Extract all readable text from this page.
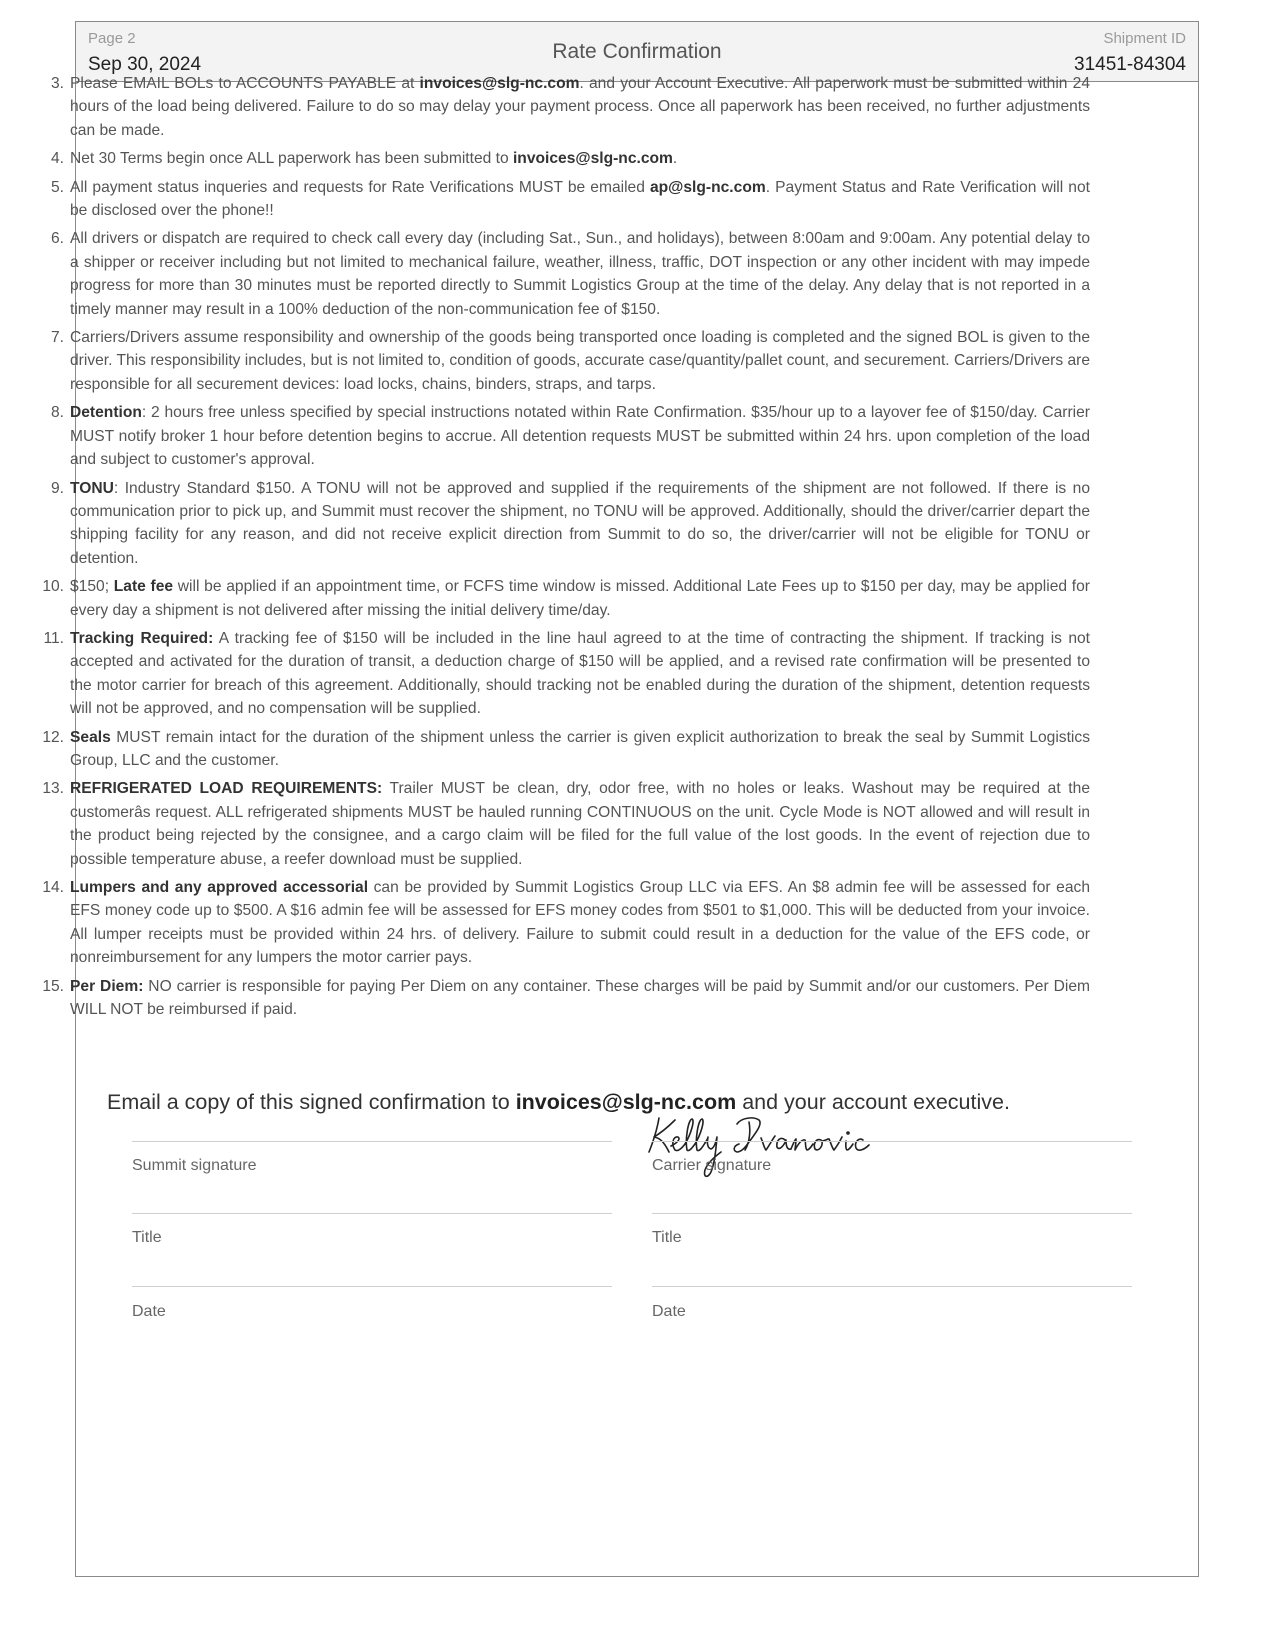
Page 2
Sep 30, 2024
Rate Confirmation
Shipment ID
31451-84304
3. Please EMAIL BOLs to ACCOUNTS PAYABLE at invoices@slg-nc.com. and your Account Executive. All paperwork must be submitted within 24 hours of the load being delivered. Failure to do so may delay your payment process. Once all paperwork has been received, no further adjustments can be made.
4. Net 30 Terms begin once ALL paperwork has been submitted to invoices@slg-nc.com.
5. All payment status inqueries and requests for Rate Verifications MUST be emailed ap@slg-nc.com. Payment Status and Rate Verification will not be disclosed over the phone!!
6. All drivers or dispatch are required to check call every day (including Sat., Sun., and holidays), between 8:00am and 9:00am. Any potential delay to a shipper or receiver including but not limited to mechanical failure, weather, illness, traffic, DOT inspection or any other incident with may impede progress for more than 30 minutes must be reported directly to Summit Logistics Group at the time of the delay. Any delay that is not reported in a timely manner may result in a 100% deduction of the non-communication fee of $150.
7. Carriers/Drivers assume responsibility and ownership of the goods being transported once loading is completed and the signed BOL is given to the driver. This responsibility includes, but is not limited to, condition of goods, accurate case/quantity/pallet count, and securement. Carriers/Drivers are responsible for all securement devices: load locks, chains, binders, straps, and tarps.
8. Detention: 2 hours free unless specified by special instructions notated within Rate Confirmation. $35/hour up to a layover fee of $150/day. Carrier MUST notify broker 1 hour before detention begins to accrue. All detention requests MUST be submitted within 24 hrs. upon completion of the load and subject to customer's approval.
9. TONU: Industry Standard $150. A TONU will not be approved and supplied if the requirements of the shipment are not followed. If there is no communication prior to pick up, and Summit must recover the shipment, no TONU will be approved. Additionally, should the driver/carrier depart the shipping facility for any reason, and did not receive explicit direction from Summit to do so, the driver/carrier will not be eligible for TONU or detention.
10. $150; Late fee will be applied if an appointment time, or FCFS time window is missed. Additional Late Fees up to $150 per day, may be applied for every day a shipment is not delivered after missing the initial delivery time/day.
11. Tracking Required: A tracking fee of $150 will be included in the line haul agreed to at the time of contracting the shipment. If tracking is not accepted and activated for the duration of transit, a deduction charge of $150 will be applied, and a revised rate confirmation will be presented to the motor carrier for breach of this agreement. Additionally, should tracking not be enabled during the duration of the shipment, detention requests will not be approved, and no compensation will be supplied.
12. Seals MUST remain intact for the duration of the shipment unless the carrier is given explicit authorization to break the seal by Summit Logistics Group, LLC and the customer.
13. REFRIGERATED LOAD REQUIREMENTS: Trailer MUST be clean, dry, odor free, with no holes or leaks. Washout may be required at the customerâs request. ALL refrigerated shipments MUST be hauled running CONTINUOUS on the unit. Cycle Mode is NOT allowed and will result in the product being rejected by the consignee, and a cargo claim will be filed for the full value of the lost goods. In the event of rejection due to possible temperature abuse, a reefer download must be supplied.
14. Lumpers and any approved accessorial can be provided by Summit Logistics Group LLC via EFS. An $8 admin fee will be assessed for each EFS money code up to $500. A $16 admin fee will be assessed for EFS money codes from $501 to $1,000. This will be deducted from your invoice. All lumper receipts must be provided within 24 hrs. of delivery. Failure to submit could result in a deduction for the value of the EFS code, or nonreimbursement for any lumpers the motor carrier pays.
15. Per Diem: NO carrier is responsible for paying Per Diem on any container. These charges will be paid by Summit and/or our customers. Per Diem WILL NOT be reimbursed if paid.
Email a copy of this signed confirmation to invoices@slg-nc.com and your account executive.
Summit signature
Title
Date
Carrier signature
Title
Date
